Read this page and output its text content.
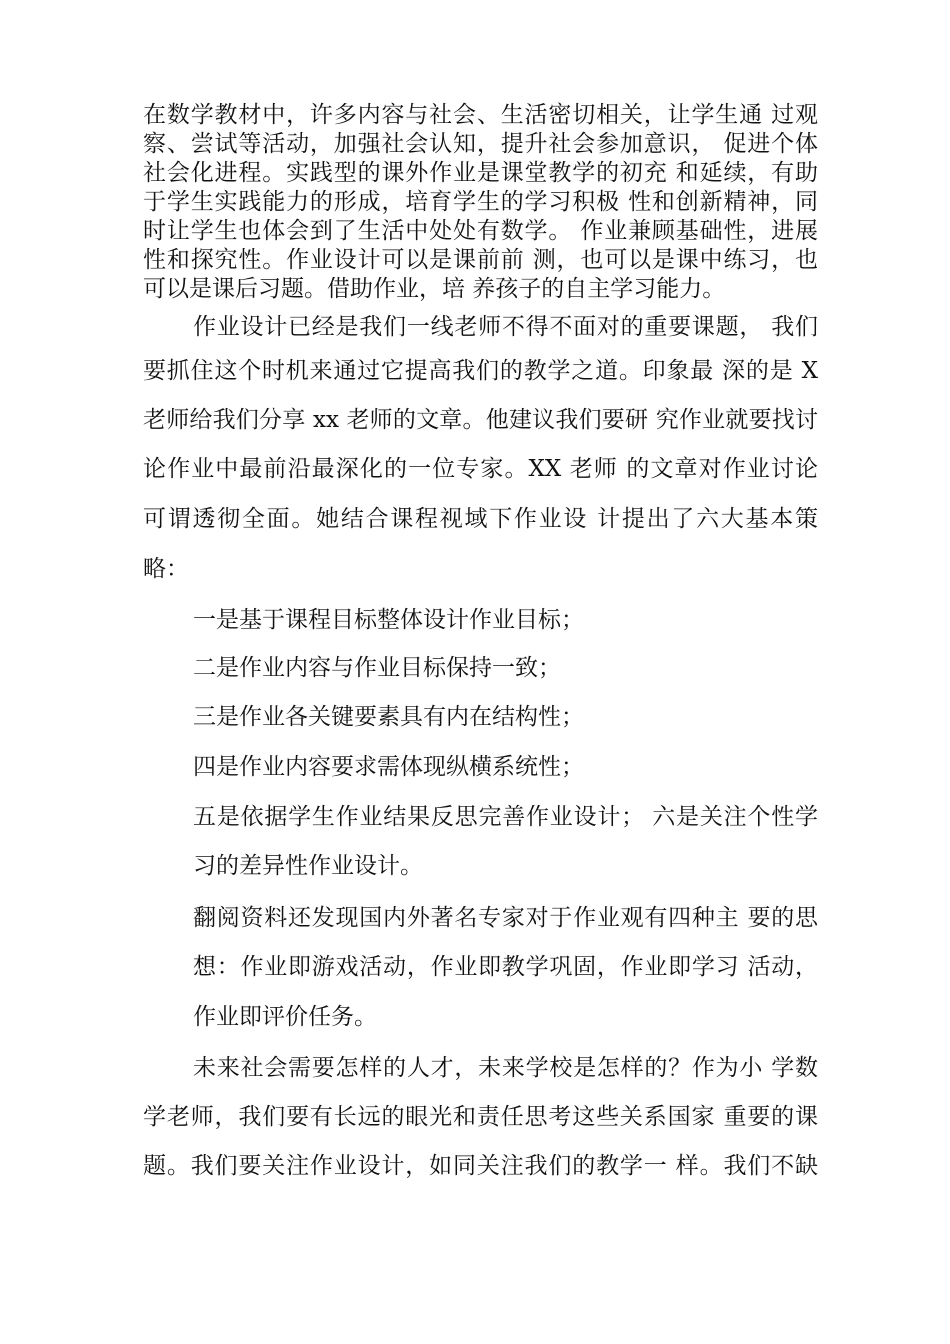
在数学教材中，许多内容与社会、生活密切相关，让学生通 过观
察、尝试等活动，加强社会认知，提升社会参加意识， 促进个体
社会化进程。实践型的课外作业是课堂教学的初充 和延续，有助
于学生实践能力的形成，培育学生的学习积极 性和创新精神，同
时让学生也体会到了生活中处处有数学。 作业兼顾基础性，进展
性和探究性。作业设计可以是课前前 测，也可以是课中练习，也
可以是课后习题。借助作业，培 养孩子的自主学习能力。
作业设计已经是我们一线老师不得不面对的重要课题， 我们
要抓住这个时机来通过它提高我们的教学之道。印象最 深的是 X
老师给我们分享 xx 老师的文章。他建议我们要研 究作业就要找讨
论作业中最前沿最深化的一位专家。XX 老师 的文章对作业讨论
可谓透彻全面。她结合课程视域下作业设 计提出了六大基本策
略：
一是基于课程目标整体设计作业目标；
二是作业内容与作业目标保持一致；
三是作业各关键要素具有内在结构性；
四是作业内容要求需体现纵横系统性；
五是依据学生作业结果反思完善作业设计； 六是关注个性学
习的差异性作业设计。
翻阅资料还发现国内外著名专家对于作业观有四种主 要的思
想：作业即游戏活动，作业即教学巩固，作业即学习 活动，
作业即评价任务。
未来社会需要怎样的人才，未来学校是怎样的？作为小 学数
学老师，我们要有长远的眼光和责任思考这些关系国家 重要的课
题。我们要关注作业设计，如同关注我们的教学一 样。我们不缺
